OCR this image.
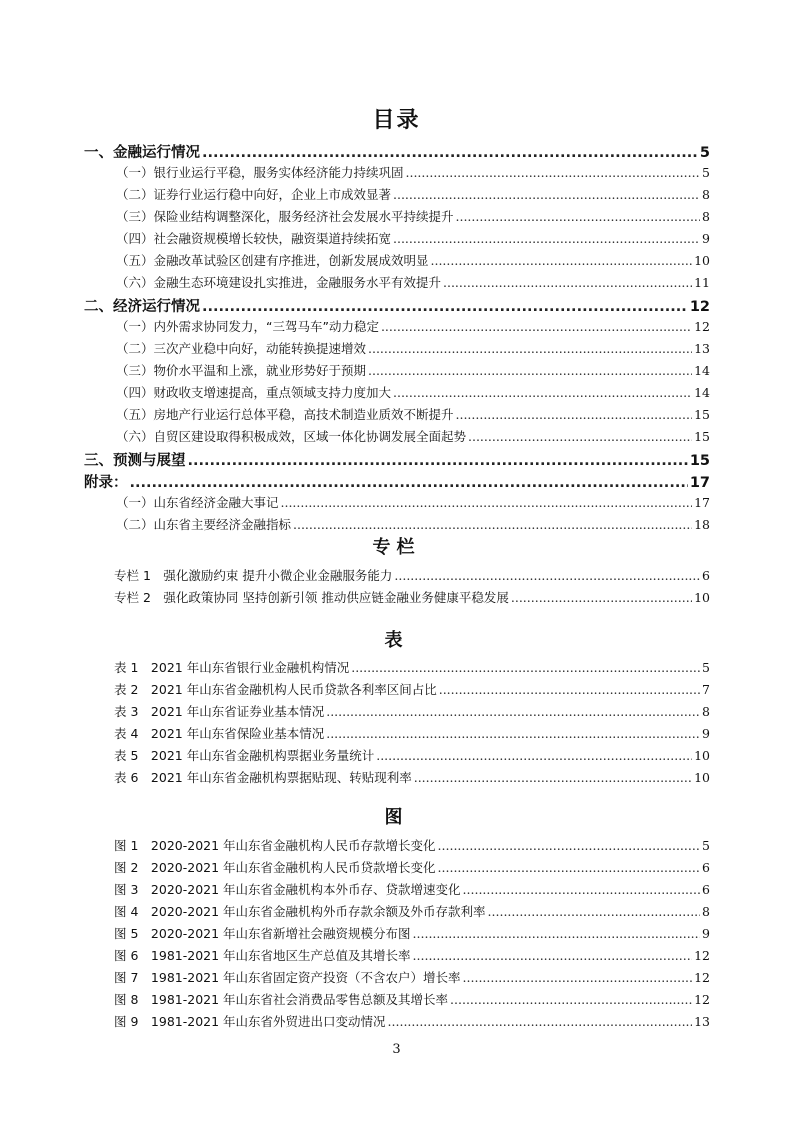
目录
一、金融运行情况 .....	5
（一）银行业运行平稳，服务实体经济能力持续巩固 .....	5
（二）证券行业运行稳中向好，企业上市成效显著 .....	8
（三）保险业结构调整深化，服务经济社会发展水平持续提升 .....	8
（四）社会融资规模增长较快，融资渠道持续拓宽 .....	9
（五）金融改革试验区创建有序推进，创新发展成效明显 .....	10
（六）金融生态环境建设扎实推进，金融服务水平有效提升 .....	11
二、经济运行情况 .....	12
（一）内外需求协同发力，“三驾马车”动力稳定 .....	12
（二）三次产业稳中向好，动能转换提速增效 .....	13
（三）物价水平温和上涨，就业形势好于预期 .....	14
（四）财政收支增速提高，重点领域支持力度加大 .....	14
（五）房地产行业运行总体平稳，高技术制造业质效不断提升 .....	15
（六）自贸区建设取得积极成效，区域一体化协调发展全面起势 .....	15
三、预测与展望 .....	15
附录： .....	17
（一）山东省经济金融大事记 .....	17
（二）山东省主要经济金融指标 .....	18
专栏
专栏 1　强化激励约束 提升小微企业金融服务能力 .....	6
专栏 2　强化政策协同 坚持创新引领 推动供应链金融业务健康平稳发展 .....	10
表
表 1　2021 年山东省银行业金融机构情况 .....	5
表 2　2021 年山东省金融机构人民币贷款各利率区间占比 .....	7
表 3　2021 年山东省证券业基本情况 .....	8
表 4　2021 年山东省保险业基本情况 .....	9
表 5　2021 年山东省金融机构票据业务量统计 .....	10
表 6　2021 年山东省金融机构票据贴现、转贴现利率 .....	10
图
图 1　2020-2021 年山东省金融机构人民币存款增长变化 .....	5
图 2　2020-2021 年山东省金融机构人民币贷款增长变化 .....	6
图 3　2020-2021 年山东省金融机构本外币存、贷款增速变化 .....	6
图 4　2020-2021 年山东省金融机构外币存款余额及外币存款利率 .....	8
图 5　2020-2021 年山东省新增社会融资规模分布图 .....	9
图 6　1981-2021 年山东省地区生产总值及其增长率 .....	12
图 7　1981-2021 年山东省固定资产投资（不含农户）增长率 .....	12
图 8　1981-2021 年山东省社会消费品零售总额及其增长率 .....	12
图 9　1981-2021 年山东省外贸进出口变动情况 .....	13
3
